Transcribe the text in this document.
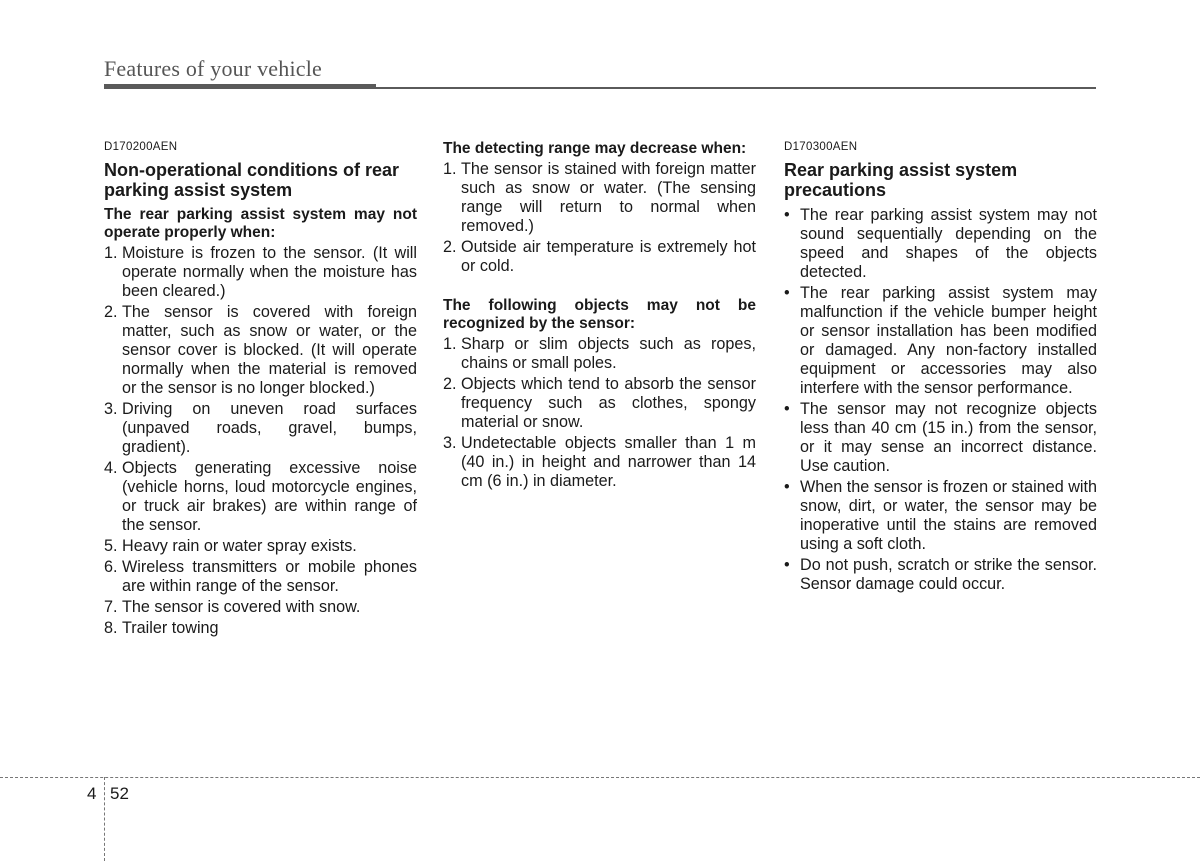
Features of your vehicle
D170200AEN
Non-operational conditions of rear parking assist system
The rear parking assist system may not operate properly when:
1. Moisture is frozen to the sensor. (It will operate normally when the moisture has been cleared.)
2. The sensor is covered with foreign matter, such as snow or water, or the sensor cover is blocked. (It will operate normally when the material is removed or the sensor is no longer blocked.)
3. Driving on uneven road surfaces (unpaved roads, gravel, bumps, gradient).
4. Objects generating excessive noise (vehicle horns, loud motorcycle engines, or truck air brakes) are within range of the sensor.
5. Heavy rain or water spray exists.
6. Wireless transmitters or mobile phones are within range of the sensor.
7. The sensor is covered with snow.
8. Trailer towing
The detecting range may decrease when:
1. The sensor is stained with foreign matter such as snow or water. (The sensing range will return to normal when removed.)
2. Outside air temperature is extremely hot or cold.
The following objects may not be recognized by the sensor:
1. Sharp or slim objects such as ropes, chains or small poles.
2. Objects which tend to absorb the sensor frequency such as clothes, spongy material or snow.
3. Undetectable objects smaller than 1 m (40 in.) in height and narrower than 14 cm (6 in.) in diameter.
D170300AEN
Rear parking assist system precautions
• The rear parking assist system may not sound sequentially depending on the speed and shapes of the objects detected.
• The rear parking assist system may malfunction if the vehicle bumper height or sensor installation has been modified or damaged. Any non-factory installed equipment or accessories may also interfere with the sensor performance.
• The sensor may not recognize objects less than 40 cm (15 in.) from the sensor, or it may sense an incorrect distance. Use caution.
• When the sensor is frozen or stained with snow, dirt, or water, the sensor may be inoperative until the stains are removed using a soft cloth.
• Do not push, scratch or strike the sensor. Sensor damage could occur.
4 52
